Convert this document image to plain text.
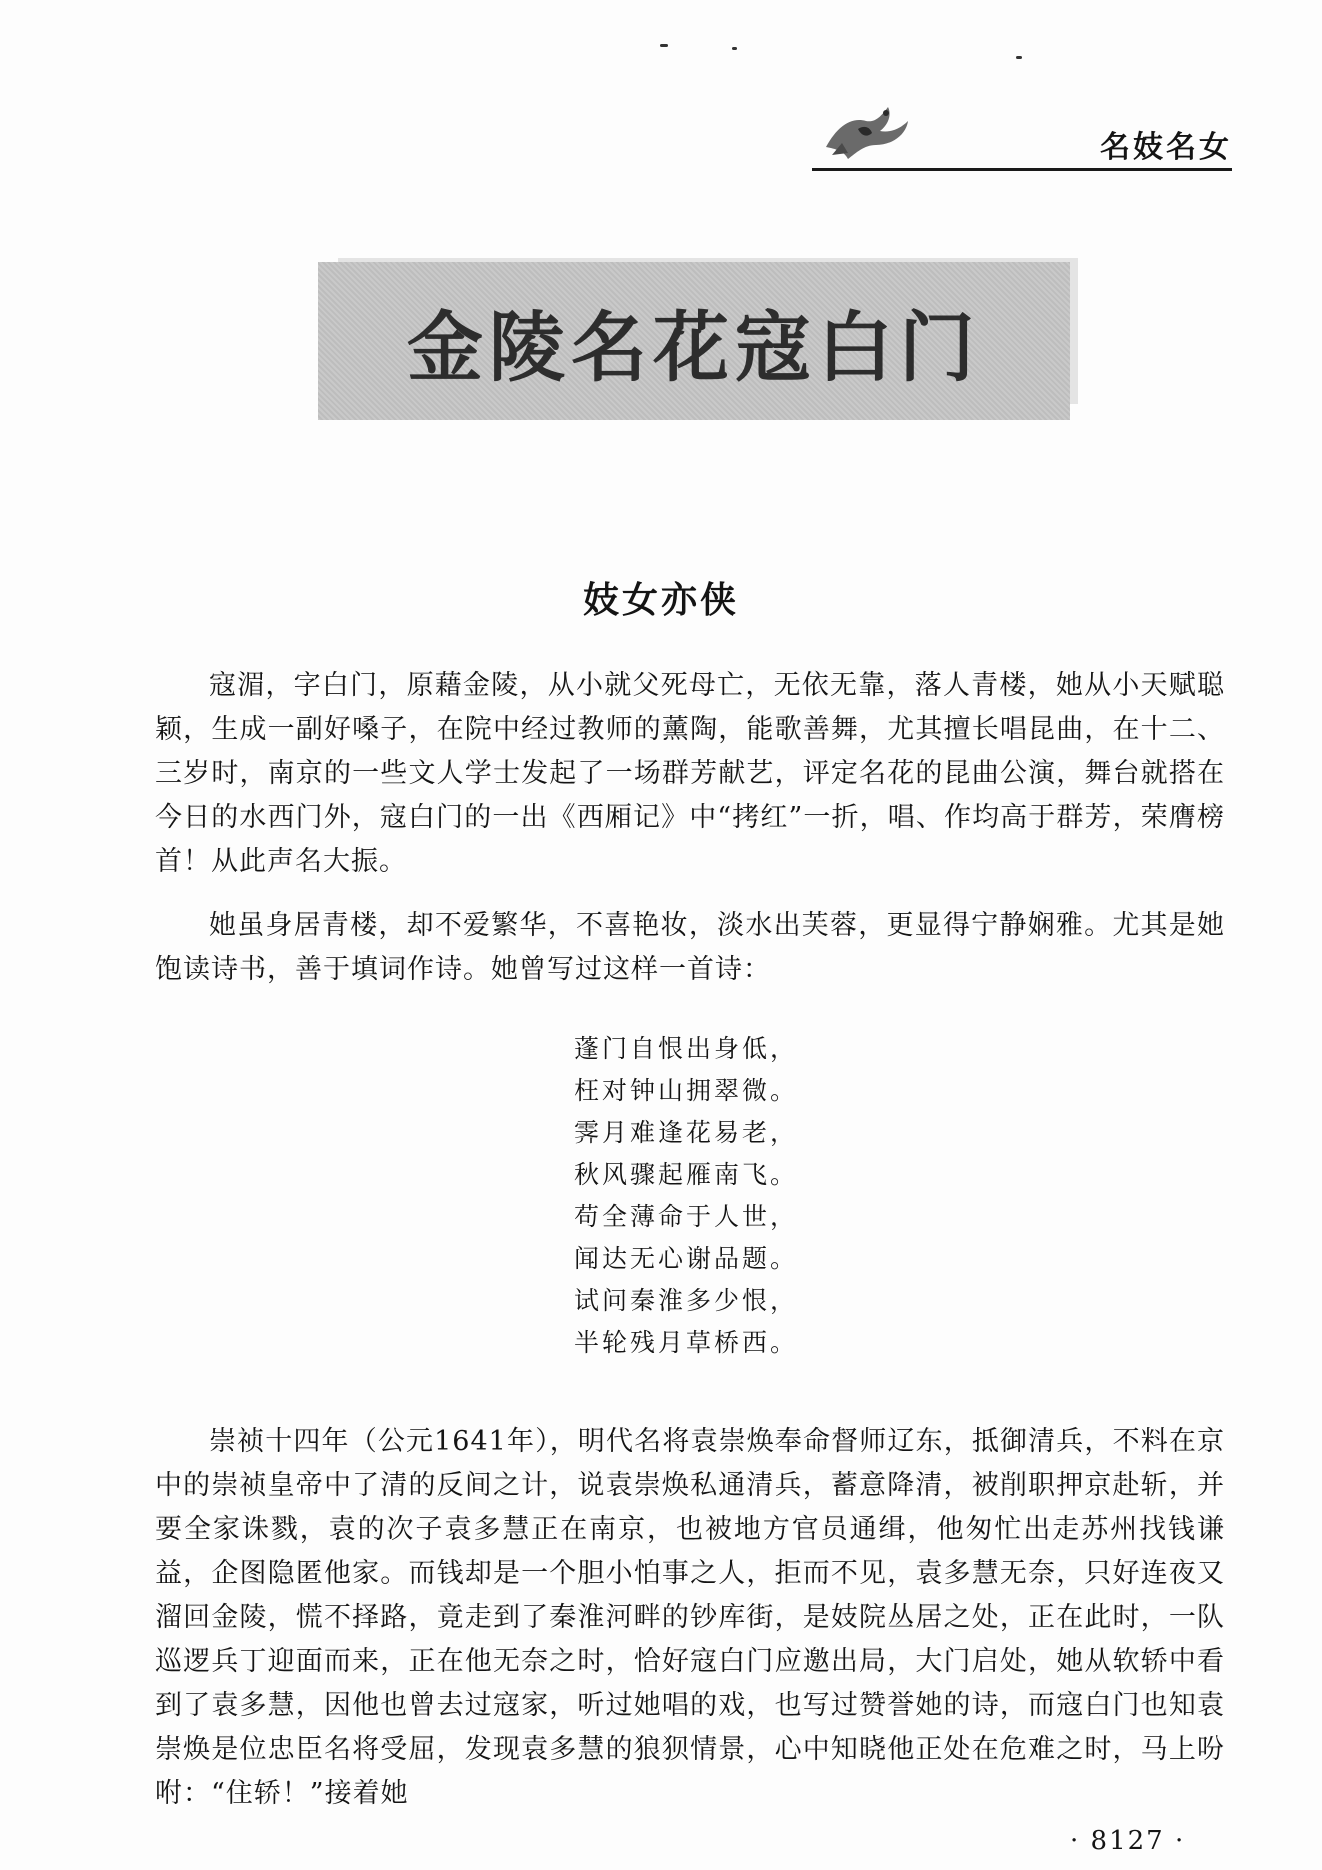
名妓名女
金陵名花寇白门
妓女亦侠

寇湄，字白门，原藉金陵，从小就父死母亡，无依无靠，落人青楼，她从小天赋聪颖，生成一副好嗓子，在院中经过教师的薰陶，能歌善舞，尤其擅长唱昆曲，在十二、三岁时，南京的一些文人学士发起了一场群芳献艺，评定名花的昆曲公演，舞台就搭在今日的水西门外，寇白门的一出《西厢记》中“拷红”一折，唱、作均高于群芳，荣膺榜首！从此声名大振。

她虽身居青楼，却不爱繁华，不喜艳妆，淡水出芙蓉，更显得宁静娴雅。尤其是她饱读诗书，善于填词作诗。她曾写过这样一首诗：

蓬门自恨出身低，
枉对钟山拥翠微。
霁月难逢花易老，
秋风骤起雁南飞。
苟全薄命于人世，
闻达无心谢品题。
试问秦淮多少恨，
半轮残月草桥西。

崇祯十四年（公元1641年），明代名将袁崇焕奉命督师辽东，抵御清兵，不料在京中的崇祯皇帝中了清的反间之计，说袁崇焕私通清兵，蓄意降清，被削职押京赴斩，并要全家诛戮，袁的次子袁多慧正在南京，也被地方官员通缉，他匆忙出走苏州找钱谦益，企图隐匿他家。而钱却是一个胆小怕事之人，拒而不见，袁多慧无奈，只好连夜又溜回金陵，慌不择路，竟走到了秦淮河畔的钞库街，是妓院丛居之处，正在此时，一队巡逻兵丁迎面而来，正在他无奈之时，恰好寇白门应邀出局，大门启处，她从软轿中看到了袁多慧，因他也曾去过寇家，听过她唱的戏，也写过赞誉她的诗，而寇白门也知袁崇焕是位忠臣名将受屈，发现袁多慧的狼狈情景，心中知晓他正处在危难之时，马上吩咐：“住轿！”接着她

· 8127 ·
